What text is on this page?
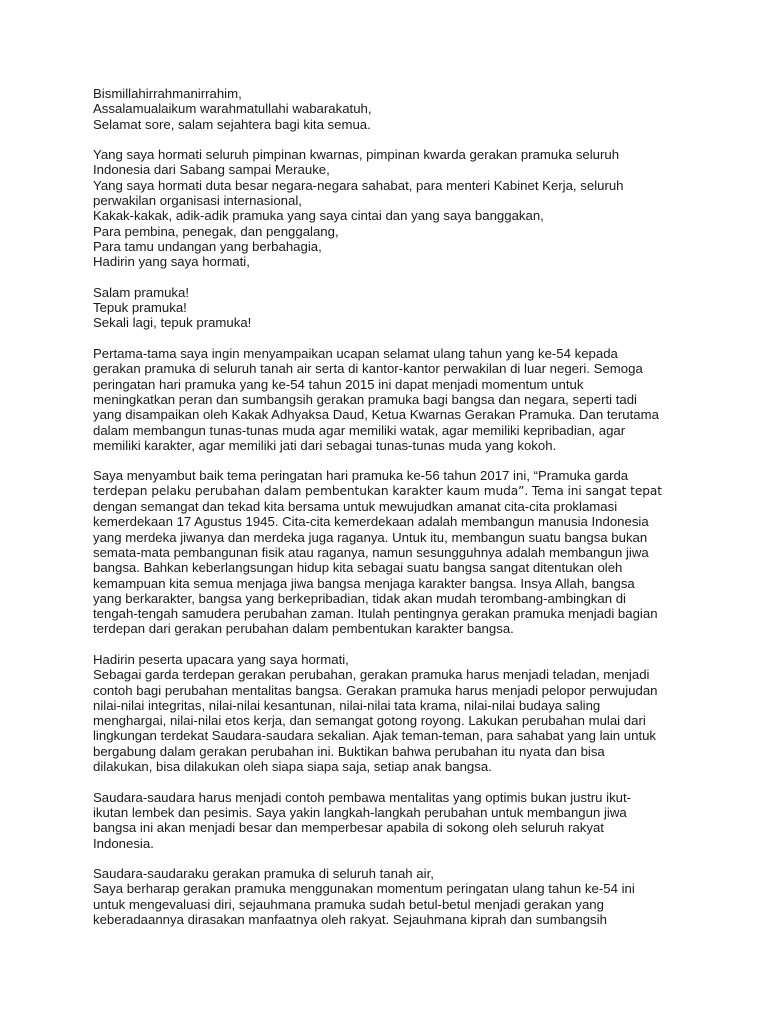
Bismillahirrahmanirrahim,
Assalamualaikum warahmatullahi wabarakatuh,
Selamat sore, salam sejahtera bagi kita semua.

Yang saya hormati seluruh pimpinan kwarnas, pimpinan kwarda gerakan pramuka seluruh
Indonesia dari Sabang sampai Merauke,
Yang saya hormati duta besar negara-negara sahabat, para menteri Kabinet Kerja, seluruh
perwakilan organisasi internasional,
Kakak-kakak, adik-adik pramuka yang saya cintai dan yang saya banggakan,
Para pembina, penegak, dan penggalang,
Para tamu undangan yang berbahagia,
Hadirin yang saya hormati,

Salam pramuka!
Tepuk pramuka!
Sekali lagi, tepuk pramuka!

Pertama-tama saya ingin menyampaikan ucapan selamat ulang tahun yang ke-54 kepada
gerakan pramuka di seluruh tanah air serta di kantor-kantor perwakilan di luar negeri. Semoga
peringatan hari pramuka yang ke-54 tahun 2015 ini dapat menjadi momentum untuk
meningkatkan peran dan sumbangsih gerakan pramuka bagi bangsa dan negara, seperti tadi
yang disampaikan oleh Kakak Adhyaksa Daud, Ketua Kwarnas Gerakan Pramuka. Dan terutama
dalam membangun tunas-tunas muda agar memiliki watak, agar memiliki kepribadian, agar
memiliki karakter, agar memiliki jati dari sebagai tunas-tunas muda yang kokoh.

Saya menyambut baik tema peringatan hari pramuka ke-56 tahun 2017 ini, “Pramuka garda
terdepan pelaku perubahan dalam pembentukan karakter kaum muda”. Tema ini sangat tepat
dengan semangat dan tekad kita bersama untuk mewujudkan amanat cita-cita proklamasi
kemerdekaan 17 Agustus 1945. Cita-cita kemerdekaan adalah membangun manusia Indonesia
yang merdeka jiwanya dan merdeka juga raganya. Untuk itu, membangun suatu bangsa bukan
semata-mata pembangunan fisik atau raganya, namun sesungguhnya adalah membangun jiwa
bangsa. Bahkan keberlangsungan hidup kita sebagai suatu bangsa sangat ditentukan oleh
kemampuan kita semua menjaga jiwa bangsa menjaga karakter bangsa. Insya Allah, bangsa
yang berkarakter, bangsa yang berkepribadian, tidak akan mudah terombang-ambingkan di
tengah-tengah samudera perubahan zaman. Itulah pentingnya gerakan pramuka menjadi bagian
terdepan dari gerakan perubahan dalam pembentukan karakter bangsa.

Hadirin peserta upacara yang saya hormati,
Sebagai garda terdepan gerakan perubahan, gerakan pramuka harus menjadi teladan, menjadi
contoh bagi perubahan mentalitas bangsa. Gerakan pramuka harus menjadi pelopor perwujudan
nilai-nilai integritas, nilai-nilai kesantunan, nilai-nilai tata krama, nilai-nilai budaya saling
menghargai, nilai-nilai etos kerja, dan semangat gotong royong. Lakukan perubahan mulai dari
lingkungan terdekat Saudara-saudara sekalian. Ajak teman-teman, para sahabat yang lain untuk
bergabung dalam gerakan perubahan ini. Buktikan bahwa perubahan itu nyata dan bisa
dilakukan, bisa dilakukan oleh siapa siapa saja, setiap anak bangsa.

Saudara-saudara harus menjadi contoh pembawa mentalitas yang optimis bukan justru ikut-
ikutan lembek dan pesimis. Saya yakin langkah-langkah perubahan untuk membangun jiwa
bangsa ini akan menjadi besar dan memperbesar apabila di sokong oleh seluruh rakyat
Indonesia.

Saudara-saudaraku gerakan pramuka di seluruh tanah air,
Saya berharap gerakan pramuka menggunakan momentum peringatan ulang tahun ke-54 ini
untuk mengevaluasi diri, sejauhmana pramuka sudah betul-betul menjadi gerakan yang
keberadaannya dirasakan manfaatnya oleh rakyat. Sejauhmana kiprah dan sumbangsih
